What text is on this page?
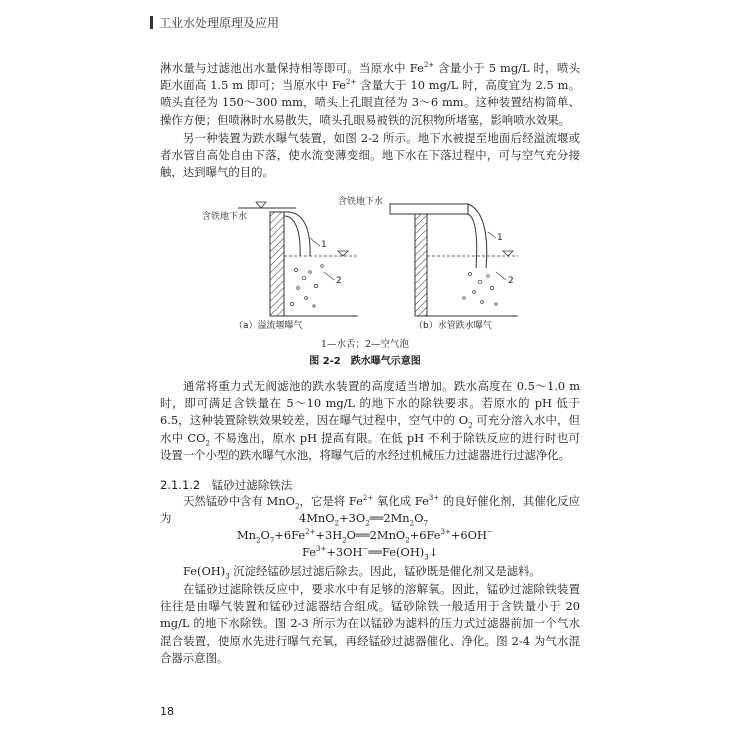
工业水处理原理及应用

淋水量与过滤池出水量保持相等即可。当原水中 $Fe^{2+}$ 含量小于 5 mg/L 时，喷头距水面高 1.5 m 即可；当原水中 $Fe^{2+}$ 含量大于 10 mg/L 时，高度宜为 2.5 m。喷头直径为 150～300 mm，喷头上孔眼直径为 3～6 mm。这种装置结构简单、操作方便；但喷淋时水易散失，喷头孔眼易被铁的沉积物所堵塞，影响喷水效果。

另一种装置为跌水曝气装置，如图 2-2 所示。地下水被提至地面后经溢流堰或者水管自高处自由下落，使水流变薄变细。地下水在下落过程中，可与空气充分接触，达到曝气的目的。

含铁地下水
含铁地下水
1
2
1
2
（a）溢流堰曝气	（b）水管跌水曝气
1—水舌；2—空气泡
图 2-2　跌水曝气示意图

通常将重力式无阀滤池的跌水装置的高度适当增加。跌水高度在 0.5～1.0 m 时，即可满足含铁量在 5～10 mg/L 的地下水的除铁要求。若原水的 pH 低于 6.5，这种装置除铁效果较差，因在曝气过程中，空气中的 $O_2$ 可充分溶入水中，但水中 $CO_2$ 不易逸出，原水 pH 提高有限。在低 pH 不利于除铁反应的进行时也可设置一个小型的跌水曝气水池，将曝气后的水经过机械压力过滤器进行过滤净化。

2.1.1.2　 锰砂过滤除铁法

天然锰砂中含有 MnO$_2$，它是将 $Fe^{2+}$ 氧化成 $Fe^{3+}$ 的良好催化剂，其催化反应为	$4MnO_2+3O_2══2Mn_2O_7$
$Mn_2O_7+6Fe^{2+}+3H_2O══2MnO_2+6Fe^{3+}+6OH^-$
$Fe^{3+}+3OH^-══Fe(OH)_3↓$

$Fe(OH)_3$ 沉淀经锰砂层过滤后除去。因此，锰砂既是催化剂又是滤料。

在锰砂过滤除铁反应中，要求水中有足够的溶解氧。因此，锰砂过滤除铁装置往往是由曝气装置和锰砂过滤器结合组成。锰砂除铁一般适用于含铁量小于 20 mg/L 的地下水除铁。图 2-3 所示为在以锰砂为滤料的压力式过滤器前加一个气水混合装置，使原水先进行曝气充氧，再经锰砂过滤器催化、净化。图 2-4 为气水混合器示意图。

18
